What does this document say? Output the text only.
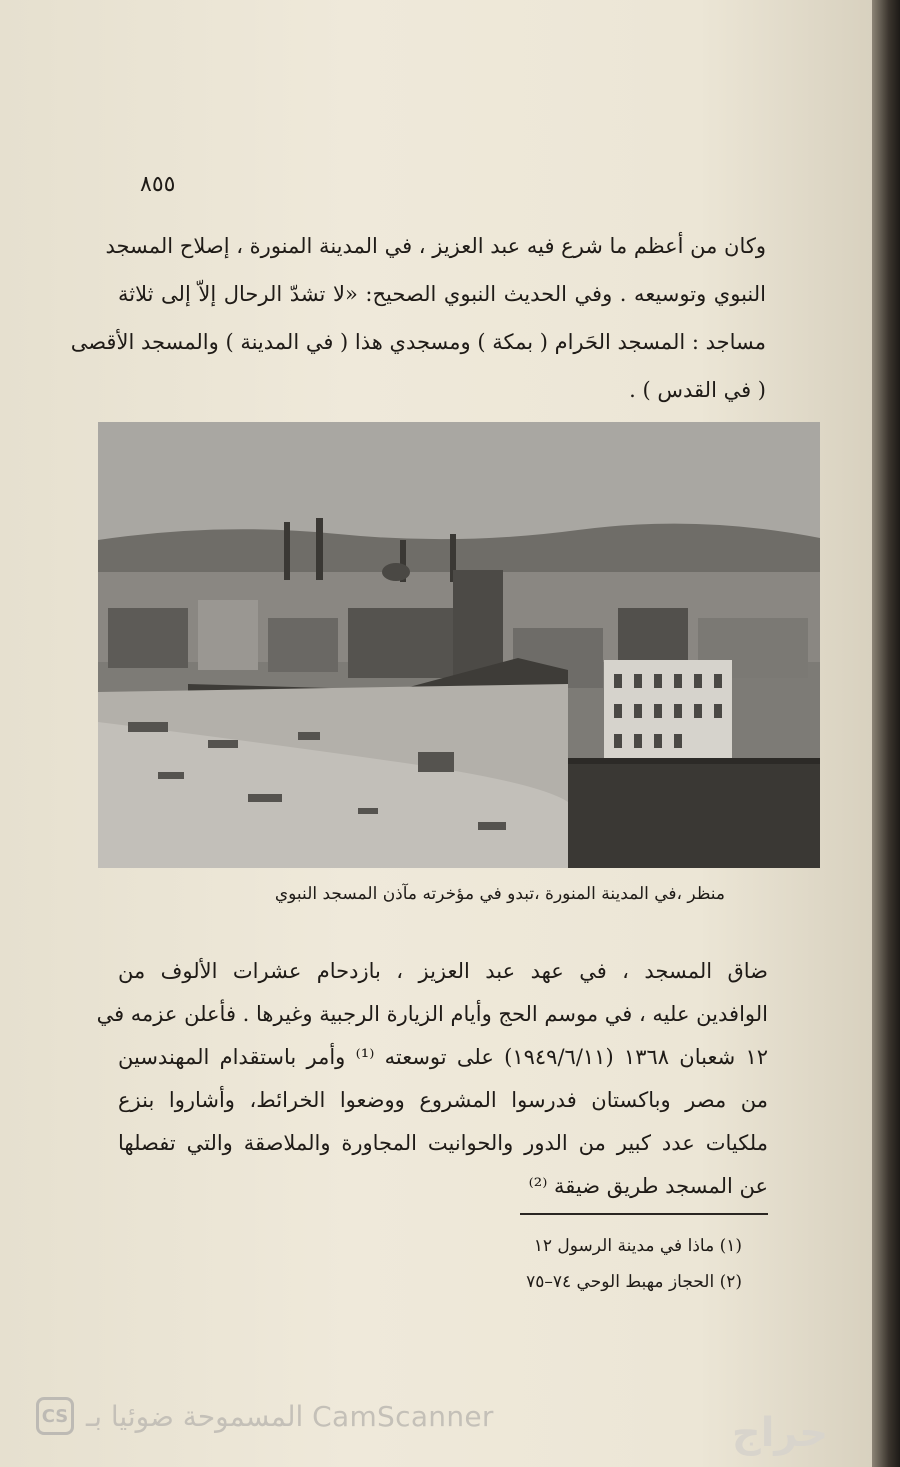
٨٥٥
وكان من أعظم ما شرع فيه عبد العزيز ، في المدينة المنورة ، إصلاح المسجد
النبوي وتوسيعه . وفي الحديث النبوي الصحيح: «لا تشدّ الرحال إلاّ إلى ثلاثة
مساجد : المسجد الحَرام ( بمكة ) ومسجدي هذا ( في المدينة ) والمسجد الأقصى
( في القدس ) .
منظر ،في المدينة المنورة ،تبدو في مؤخرته مآذن المسجد النبوي
ضاق المسجد ، في عهد عبد العزيز ، بازدحام عشرات الألوف من
الوافدين عليه ، في موسم الحج وأيام الزيارة الرجبية وغيرها . فأعلن عزمه في
١٢ شعبان ١٣٦٨ (١٩٤٩/٦/١١) على توسعته ⁽¹⁾ وأمر باستقدام المهندسين
من مصر وباكستان فدرسوا المشروع ووضعوا الخرائط، وأشاروا بنزع
ملكيات عدد كبير من الدور والحوانيت المجاورة والملاصقة والتي تفصلها
عن المسجد طريق ضيقة ⁽²⁾
(١) ماذا في مدينة الرسول ١٢
(٢) الحجاز مهبط الوحي ٧٤–٧٥
CS المسموحة ضوئيا بـ CamScanner	حراج
